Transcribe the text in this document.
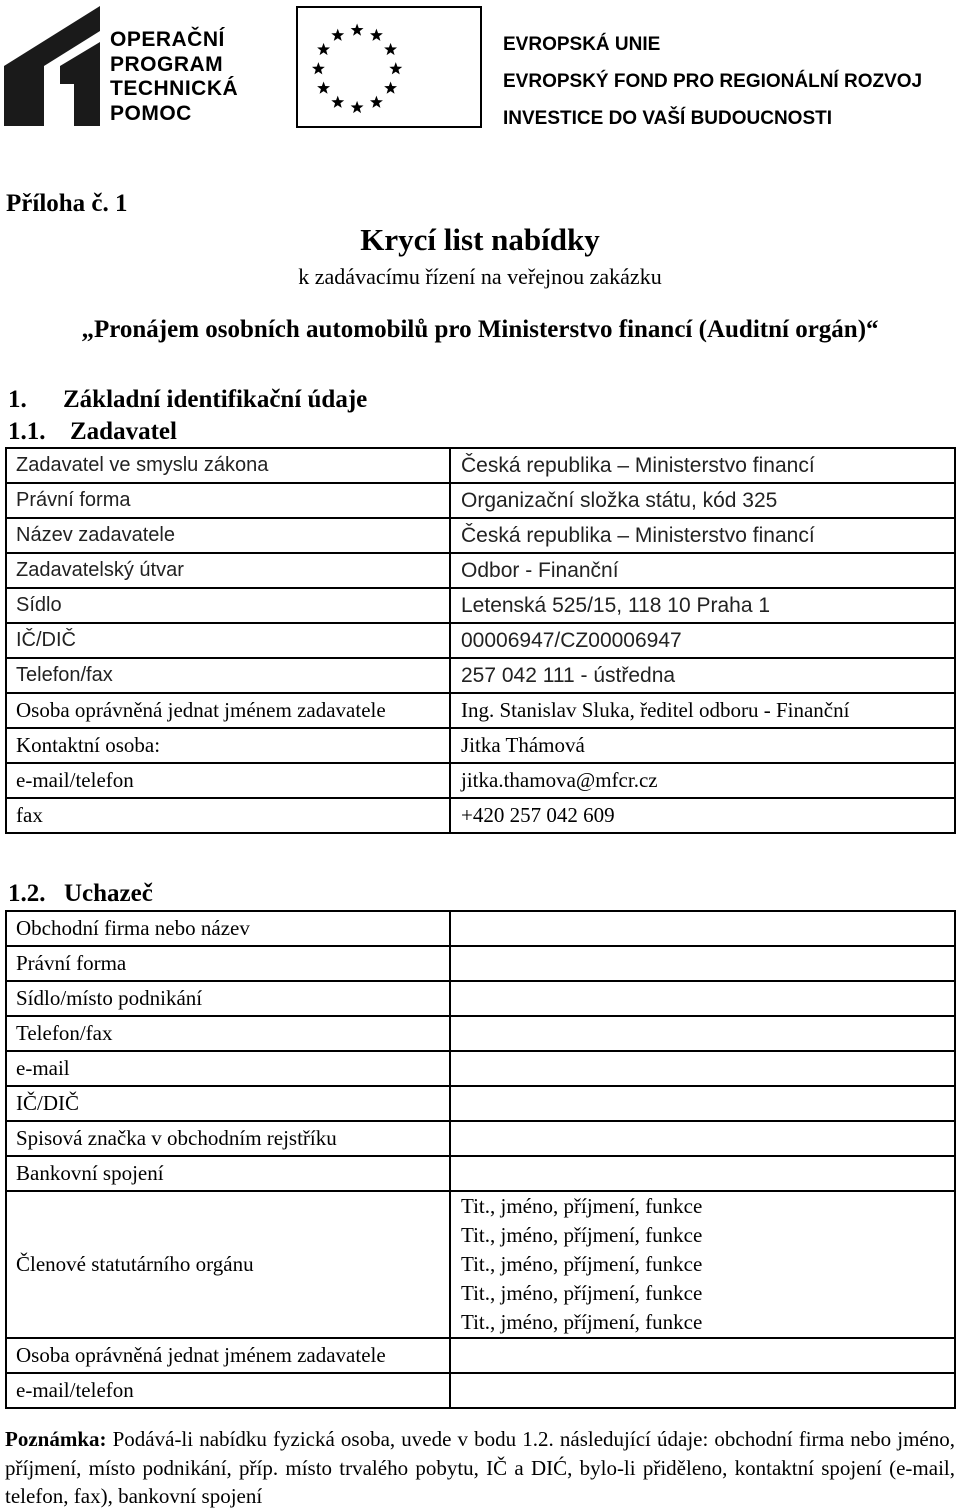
OPERAČNÍ
PROGRAM
TECHNICKÁ
POMOC
EVROPSKÁ UNIE
EVROPSKÝ FOND PRO REGIONÁLNÍ ROZVOJ
INVESTICE DO VAŠÍ BUDOUCNOSTI
Příloha č. 1
Krycí list nabídky
k zadávacímu řízení na veřejnou zakázku
„Pronájem osobních automobilů pro Ministerstvo financí (Auditní orgán)“
1. Základní identifikační údaje
1.1. Zadavatel
Zadavatel ve smyslu zákona	Česká republika – Ministerstvo financí
Právní forma	Organizační složka státu, kód 325
Název zadavatele	Česká republika – Ministerstvo financí
Zadavatelský útvar	Odbor - Finanční
Sídlo	Letenská 525/15, 118 10 Praha 1
IČ/DIČ	00006947/CZ00006947
Telefon/fax	257 042 111 - ústředna
Osoba oprávněná jednat jménem zadavatele	Ing. Stanislav Sluka, ředitel odboru - Finanční
Kontaktní osoba:	Jitka Thámová
e-mail/telefon	jitka.thamova@mfcr.cz
fax	+420 257 042 609
1.2. Uchazeč
Obchodní firma nebo název	
Právní forma	
Sídlo/místo podnikání	
Telefon/fax	
e-mail	
IČ/DIČ	
Spisová značka v obchodním rejstříku	
Bankovní spojení	
Členové statutárního orgánu	Tit., jméno, příjmení, funkce
Tit., jméno, příjmení, funkce
Tit., jméno, příjmení, funkce
Tit., jméno, příjmení, funkce
Tit., jméno, příjmení, funkce

Osoba oprávněná jednat jménem zadavatele	
e-mail/telefon	
Poznámka: Podává-li nabídku fyzická osoba, uvede v bodu 1.2. následující údaje: obchodní firma nebo jméno, příjmení, místo podnikání, příp. místo trvalého pobytu, IČ a DIĆ, bylo-li přiděleno, kontaktní spojení (e-mail, telefon, fax), bankovní spojení
